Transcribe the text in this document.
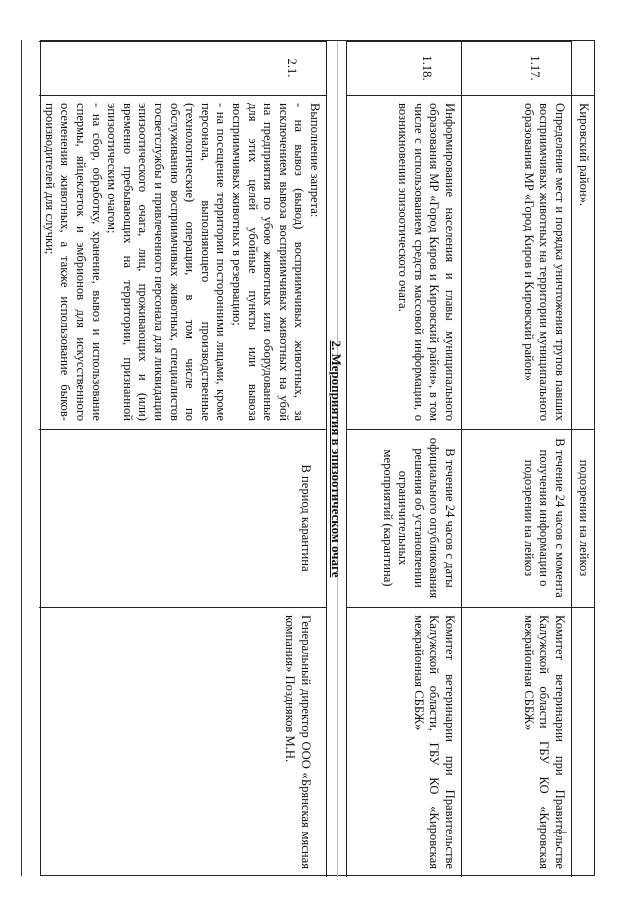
Кировский район».

подозрении на лейкоз

1.17.

Определение мест и порядка уничтожения трупов павших восприимчивых животных на территории муниципального образования МР «Город Киров и Кировский район»

В течение 24 часов с момента получения информации о подозрении на лейкоз

Комитет ветеринарии при Правительстве Калужской области ГБУ КО «Кировская межрайонная СББЖ»

1.18.

Информирование населения и главы муниципального образования МР «Город Киров и Кировский район», в том числе с использованием средств массовой информации, о возникновении эпизоотического очага.

В течение 24 часов с даты официального опубликования решения об установлении ограничительных мероприятий (карантина)

Комитет ветеринарии при Правительстве Калужской области, ГБУ КО «Кировская межрайонная СББЖ»

2. Мероприятия в эпизоотическом очаге

2.1.

Выполнение запрета:

- на вывоз (вывод) восприимчивых животных, за исключением вывоза восприимчивых животных на убой на предприятия по убою животных или оборудованные для этих целей убойные пункты или вывоза восприимчивых животных в резервацию;

- на посещение территории посторонними лицами, кроме персонала, выполняющего производственные (технологические) операции, в том числе по обслуживанию восприимчивых животных, специалистов госветслужбы и привлеченного персонала для ликвидации эпизоотического очага, лиц, проживающих и (или) временно пребывающих на территории, признанной эпизоотическим очагом;

- на сбор, обработку, хранение, вывоз и использование спермы, яйцеклеток и эмбрионов для искусственного осеменения животных, а также использование быков-производителей для случки;

В период карантина

Генеральный директор ООО «Брянская мясная компания» Поздняков М.Н.
